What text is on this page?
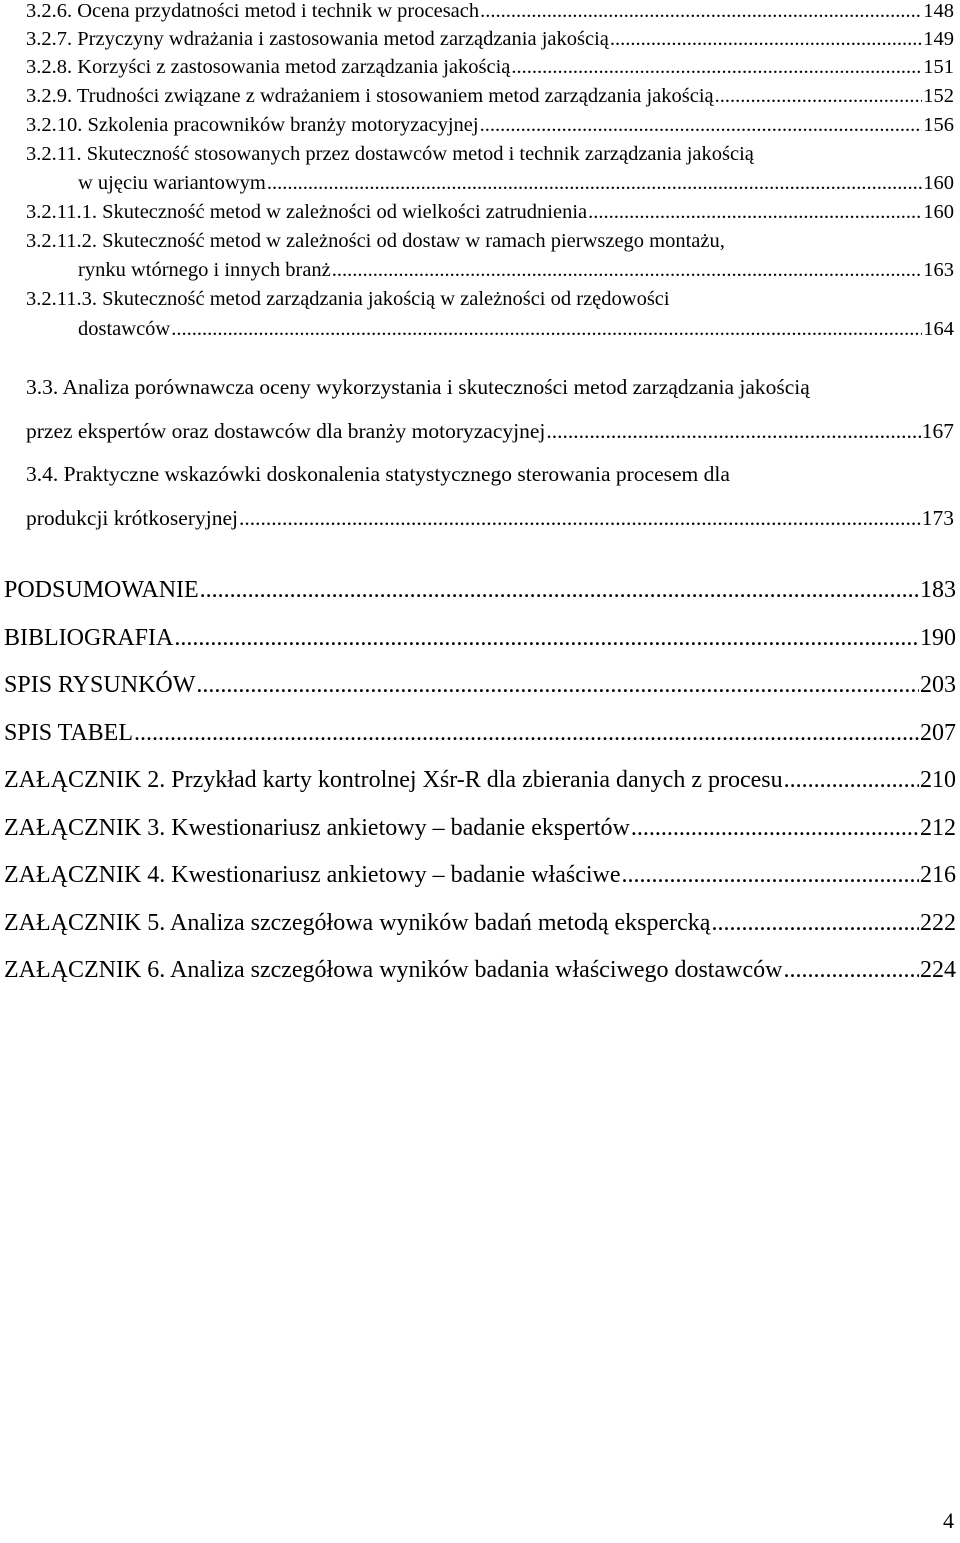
3.2.6. Ocena przydatności metod i technik w procesach .....	148
3.2.7. Przyczyny wdrażania i zastosowania metod zarządzania jakością .....	149
3.2.8. Korzyści z zastosowania metod zarządzania jakością .....	151
3.2.9. Trudności związane z wdrażaniem i stosowaniem metod zarządzania jakością .....	152
3.2.10. Szkolenia pracowników branży motoryzacyjnej .....	156
3.2.11. Skuteczność stosowanych przez dostawców metod i technik zarządzania jakością
w ujęciu wariantowym .....	160
3.2.11.1. Skuteczność metod w zależności od wielkości zatrudnienia .....	160
3.2.11.2. Skuteczność metod w zależności od dostaw w ramach pierwszego montażu,
rynku wtórnego i innych branż .....	163
3.2.11.3. Skuteczność metod zarządzania jakością w zależności od rzędowości
dostawców .....	164
3.3. Analiza porównawcza oceny wykorzystania i skuteczności metod zarządzania jakością
przez ekspertów oraz dostawców dla branży motoryzacyjnej .....	167
3.4. Praktyczne wskazówki doskonalenia statystycznego sterowania procesem dla
produkcji krótkoseryjnej .....	173
PODSUMOWANIE .....	183
BIBLIOGRAFIA .....	190
SPIS RYSUNKÓW .....	203
SPIS TABEL .....	207
ZAŁĄCZNIK 2. Przykład karty kontrolnej Xśr-R dla zbierania danych z procesu .....	210
ZAŁĄCZNIK 3. Kwestionariusz ankietowy – badanie ekspertów .....	212
ZAŁĄCZNIK 4. Kwestionariusz ankietowy – badanie właściwe .....	216
ZAŁĄCZNIK 5. Analiza szczegółowa wyników badań metodą ekspercką .....	222
ZAŁĄCZNIK 6. Analiza szczegółowa wyników badania właściwego dostawców .....	224
4
